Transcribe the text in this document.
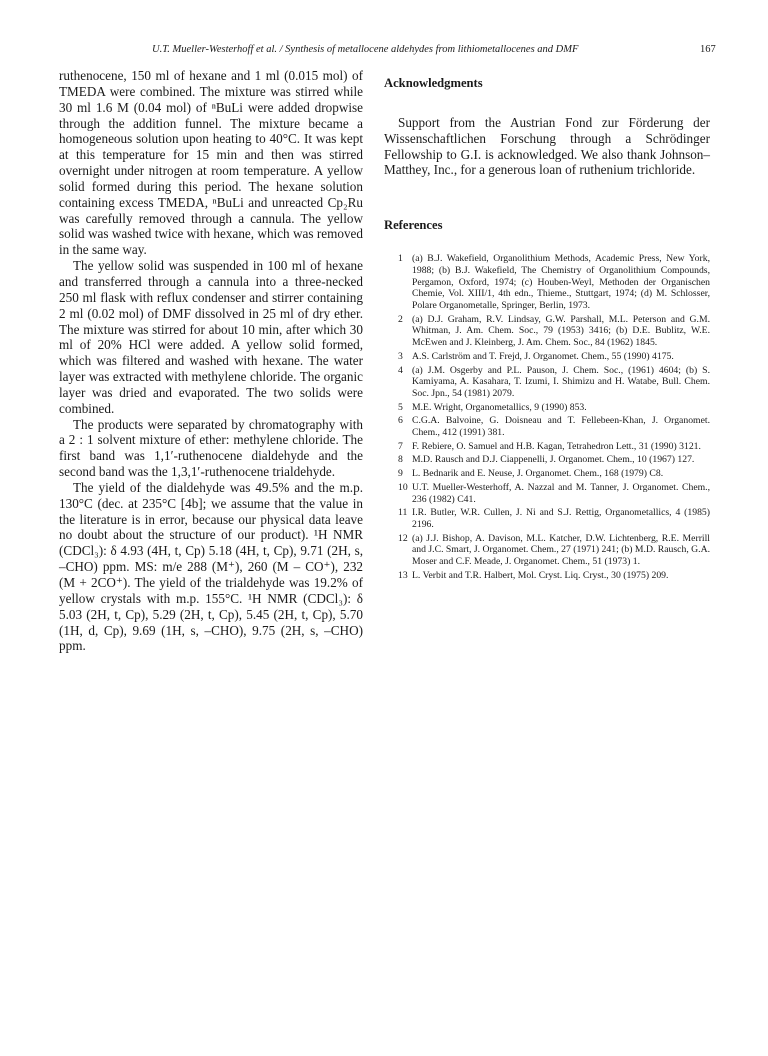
U.T. Mueller-Westerhoff et al. / Synthesis of metallocene aldehydes from lithiometallocenes and DMF	167

ruthenocene, 150 ml of hexane and 1 ml (0.015 mol) of TMEDA were combined. The mixture was stirred while 30 ml 1.6 M (0.04 mol) of ⁿBuLi were added dropwise through the addition funnel. The mixture became a homogeneous solution upon heating to 40°C. It was kept at this temperature for 15 min and then was stirred overnight under nitrogen at room temperature. A yellow solid formed during this period. The hexane solution containing excess TMEDA, ⁿBuLi and unreacted Cp₂Ru was carefully removed through a cannula. The yellow solid was washed twice with hexane, which was removed in the same way.

The yellow solid was suspended in 100 ml of hexane and transferred through a cannula into a three-necked 250 ml flask with reflux condenser and stirrer containing 2 ml (0.02 mol) of DMF dissolved in 25 ml of dry ether. The mixture was stirred for about 10 min, after which 30 ml of 20% HCl were added. A yellow solid formed, which was filtered and washed with hexane. The water layer was extracted with methylene chloride. The organic layer was dried and evaporated. The two solids were combined.

The products were separated by chromatography with a 2 : 1 solvent mixture of ether: methylene chloride. The first band was 1,1′-ruthenocene dialdehyde and the second band was the 1,3,1′-ruthenocene trialdehyde.

The yield of the dialdehyde was 49.5% and the m.p. 130°C (dec. at 235°C [4b]; we assume that the value in the literature is in error, because our physical data leave no doubt about the structure of our product). ¹H NMR (CDCl₃): δ 4.93 (4H, t, Cp) 5.18 (4H, t, Cp), 9.71 (2H, s, –CHO) ppm. MS: m/e 288 (M⁺), 260 (M – CO⁺), 232 (M + 2CO⁺). The yield of the trialdehyde was 19.2% of yellow crystals with m.p. 155°C. ¹H NMR (CDCl₃): δ 5.03 (2H, t, Cp), 5.29 (2H, t, Cp), 5.45 (2H, t, Cp), 5.70 (1H, d, Cp), 9.69 (1H, s, –CHO), 9.75 (2H, s, –CHO) ppm.

Acknowledgments

Support from the Austrian Fond zur Förderung der Wissenschaftlichen Forschung through a Schrödinger Fellowship to G.I. is acknowledged. We also thank Johnson–Matthey, Inc., for a generous loan of ruthenium trichloride.

References
1 (a) B.J. Wakefield, Organolithium Methods, Academic Press, New York, 1988; (b) B.J. Wakefield, The Chemistry of Organolithium Compounds, Pergamon, Oxford, 1974; (c) Houben-Weyl, Methoden der Organischen Chemie, Vol. XIII/1, 4th edn., Thieme., Stuttgart, 1974; (d) M. Schlosser, Polare Organometalle, Springer, Berlin, 1973.
2 (a) D.J. Graham, R.V. Lindsay, G.W. Parshall, M.L. Peterson and G.M. Whitman, J. Am. Chem. Soc., 79 (1953) 3416; (b) D.E. Bublitz, W.E. McEwen and J. Kleinberg, J. Am. Chem. Soc., 84 (1962) 1845.
3 A.S. Carlström and T. Frejd, J. Organomet. Chem., 55 (1990) 4175.
4 (a) J.M. Osgerby and P.L. Pauson, J. Chem. Soc., (1961) 4604; (b) S. Kamiyama, A. Kasahara, T. Izumi, I. Shimizu and H. Watabe, Bull. Chem. Soc. Jpn., 54 (1981) 2079.
5 M.E. Wright, Organometallics, 9 (1990) 853.
6 C.G.A. Balvoine, G. Doisneau and T. Fellebeen-Khan, J. Organomet. Chem., 412 (1991) 381.
7 F. Rebiere, O. Samuel and H.B. Kagan, Tetrahedron Lett., 31 (1990) 3121.
8 M.D. Rausch and D.J. Ciappenelli, J. Organomet. Chem., 10 (1967) 127.
9 L. Bednarik and E. Neuse, J. Organomet. Chem., 168 (1979) C8.
10 U.T. Mueller-Westerhoff, A. Nazzal and M. Tanner, J. Organomet. Chem., 236 (1982) C41.
11 I.R. Butler, W.R. Cullen, J. Ni and S.J. Rettig, Organometallics, 4 (1985) 2196.
12 (a) J.J. Bishop, A. Davison, M.L. Katcher, D.W. Lichtenberg, R.E. Merrill and J.C. Smart, J. Organomet. Chem., 27 (1971) 241; (b) M.D. Rausch, G.A. Moser and C.F. Meade, J. Organomet. Chem., 51 (1973) 1.
13 L. Verbit and T.R. Halbert, Mol. Cryst. Liq. Cryst., 30 (1975) 209.
